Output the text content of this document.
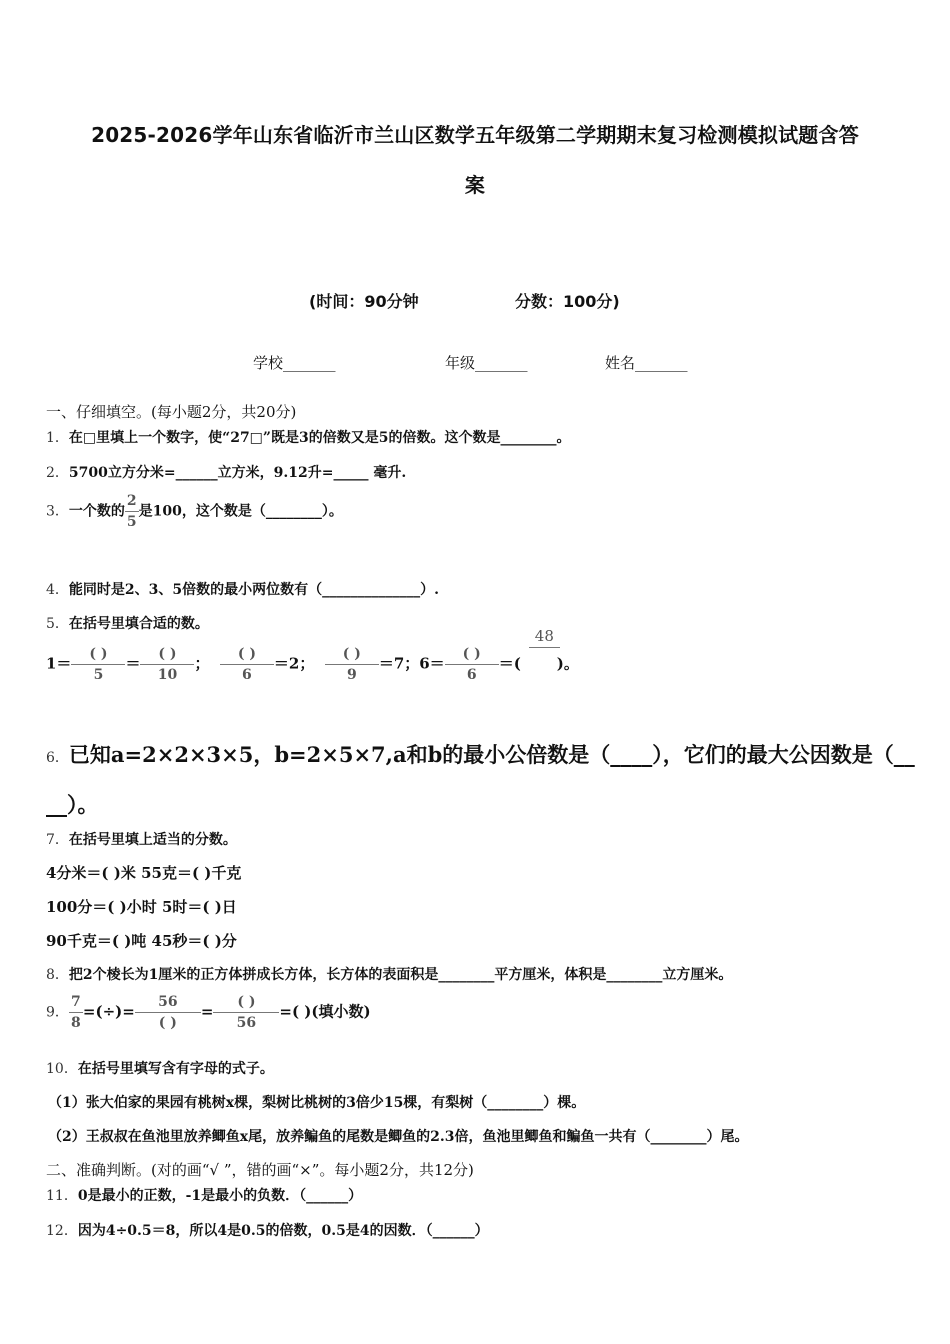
2025-2026学年山东省临沂市兰山区数学五年级第二学期期末复习检测模拟试题含答
案
(时间：90分钟	分数：100分)
学校_______	年级_______	姓名_______
一、仔细填空。(每小题2分，共20分)
1．在□里填上一个数字，使“27□”既是3的倍数又是5的倍数。这个数是________。
2．5700立方分米=______立方米，9.12升=_____ 毫升.
3．一个数的 $\frac{2}{5}$ 是100，这个数是（________）。
4．能同时是2、3、5倍数的最小两位数有（______________）.
5．在括号里填合适的数。
1＝
( )
5
＝
( )
10
；
( )
6
＝2；
( )
9
＝7；6＝
( )
6
＝(
48
)。
6．已知a=2×2×3×5，b=2×5×7,a和b的最小公倍数是（____），它们的最大公因数是（__
__）。
7．在括号里填上适当的分数。
4分米＝( )米 55克＝( )千克
100分＝( )小时 5时＝( )日
90千克＝( )吨 45秒＝( )分
8．把2个棱长为1厘米的正方体拼成长方体，长方体的表面积是________平方厘米，体积是________立方厘米。
9． $\frac{7}{8}$ =(÷)=
56
( )
=
( )
56
=( )(填小数)
10．在括号里填写含有字母的式子。
（1）张大伯家的果园有桃树x棵，梨树比桃树的3倍少15棵，有梨树（________）棵。
（2）王叔叔在鱼池里放养鲫鱼x尾，放养鳊鱼的尾数是鲫鱼的2.3倍，鱼池里鲫鱼和鳊鱼一共有（________）尾。
二、准确判断。(对的画“√ ”，错的画“×”。每小题2分，共12分)
11．0是最小的正数，-1是最小的负数．（______）
12．因为4÷0.5＝8，所以4是0.5的倍数，0.5是4的因数．（______）
